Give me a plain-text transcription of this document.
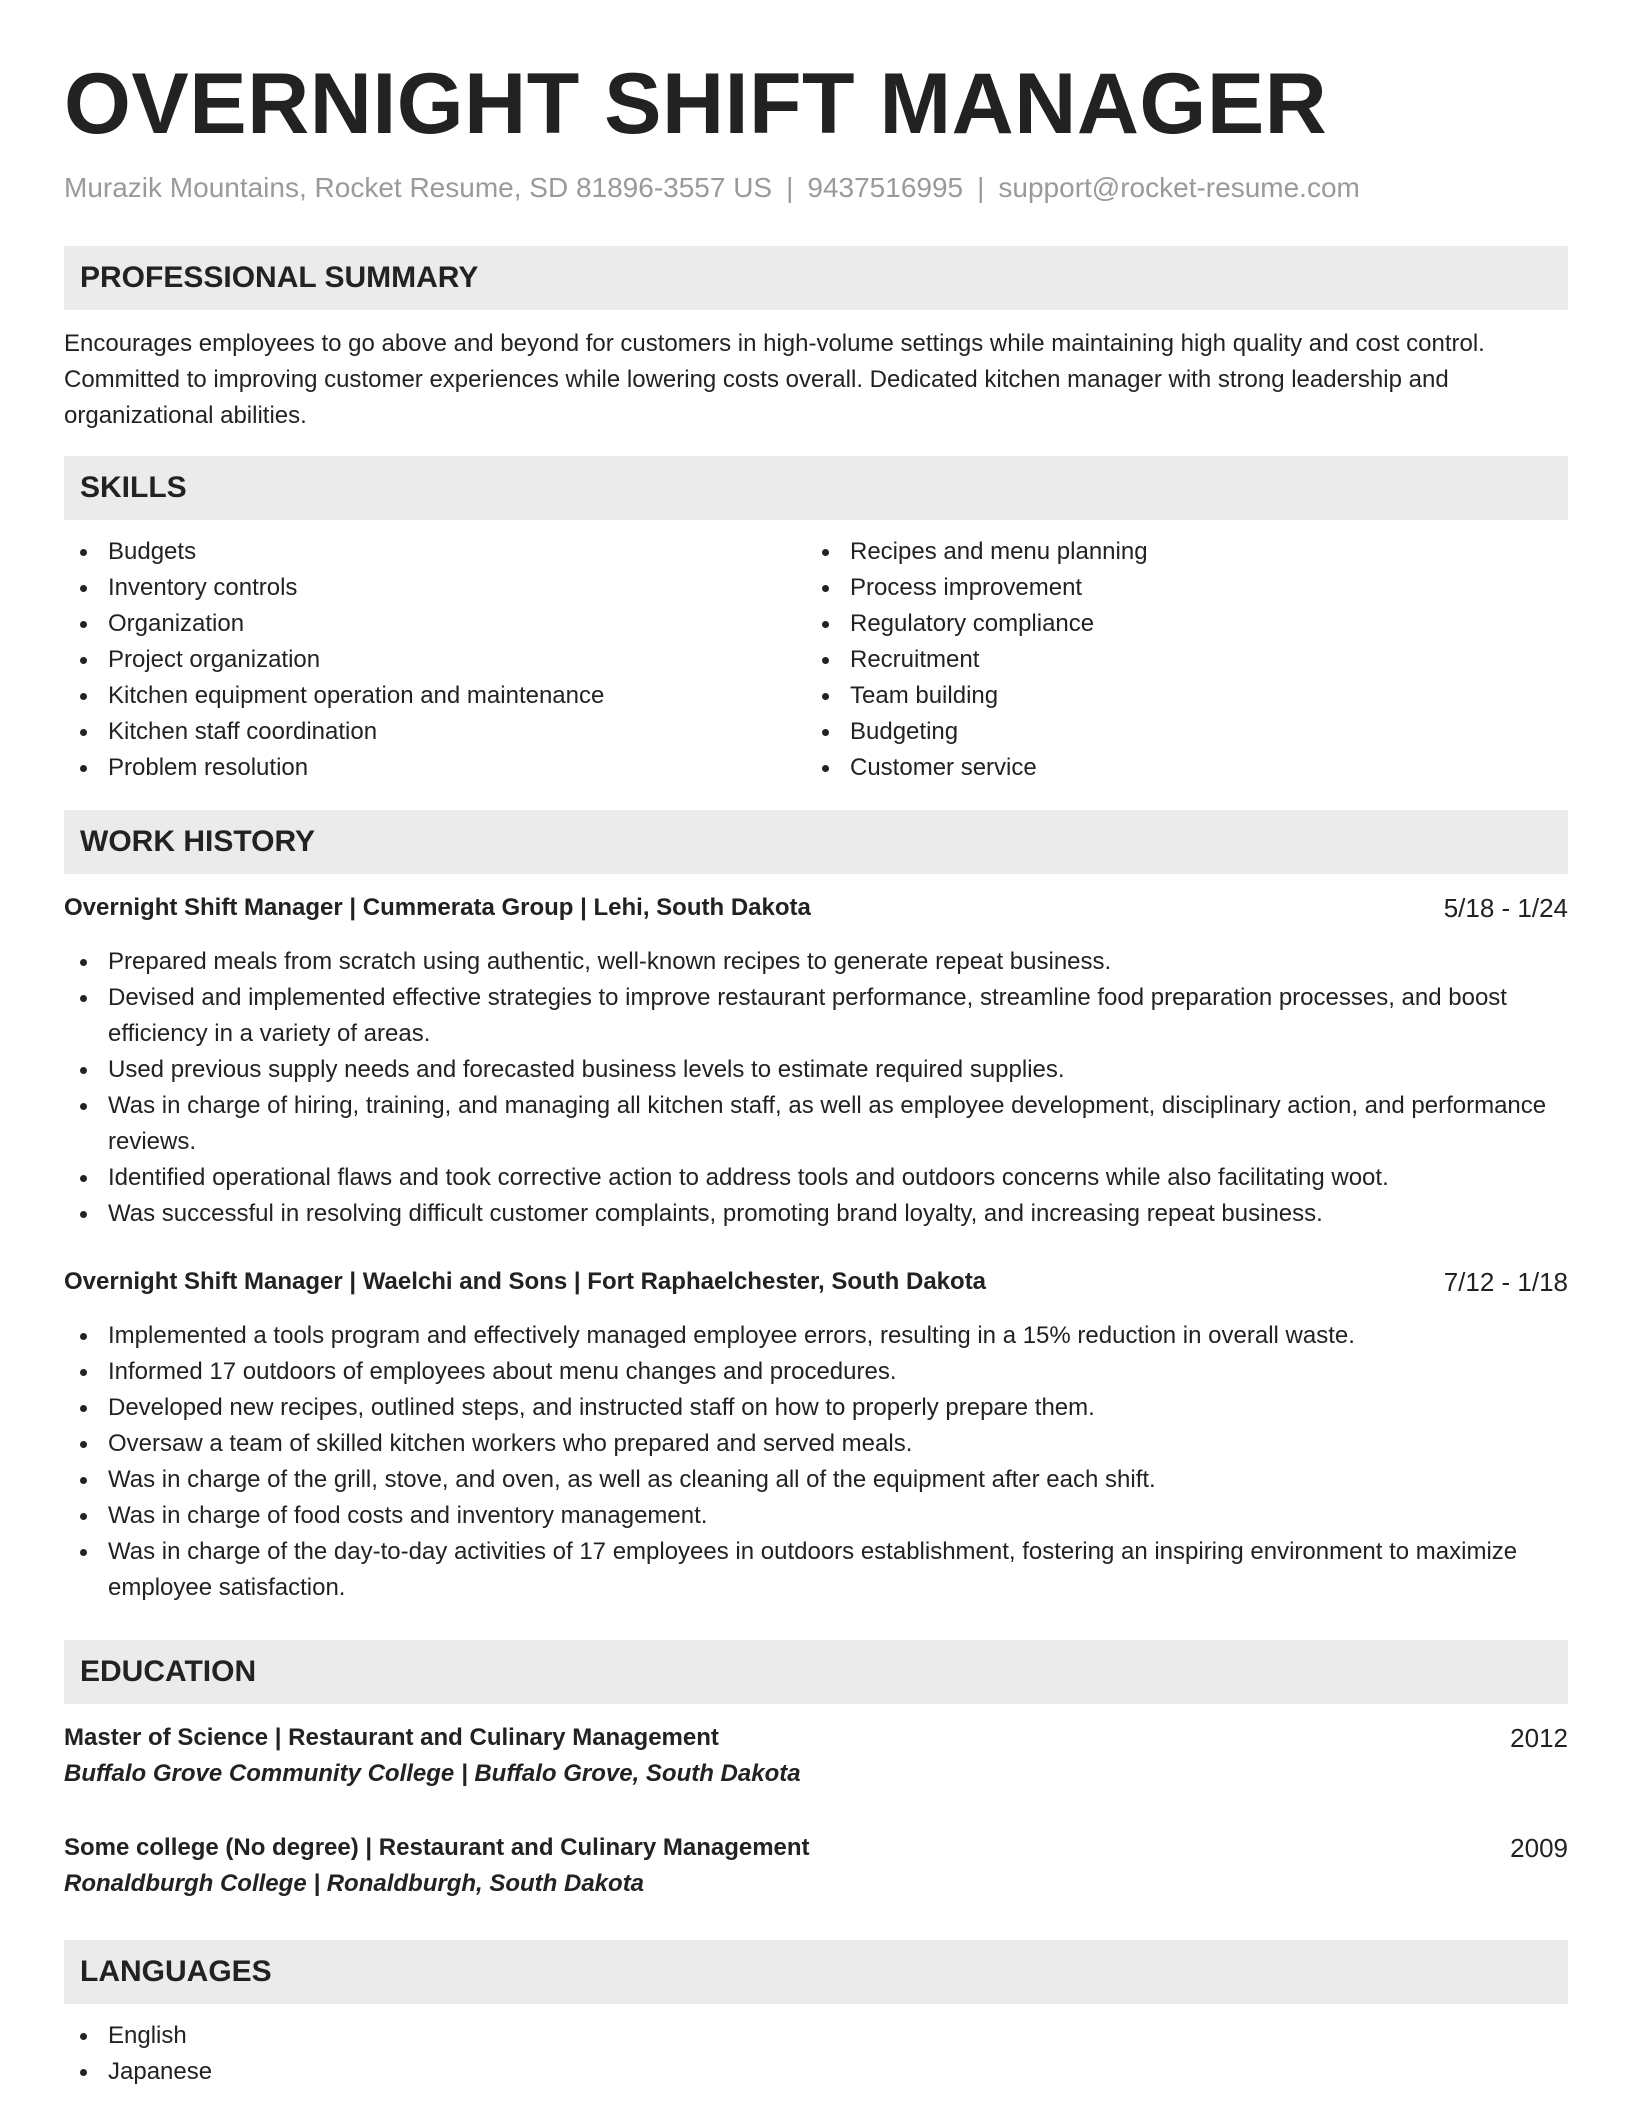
OVERNIGHT SHIFT MANAGER
Murazik Mountains, Rocket Resume, SD 81896-3557 US | 9437516995 | support@rocket-resume.com
PROFESSIONAL SUMMARY

Encourages employees to go above and beyond for customers in high-volume settings while maintaining high quality and cost control. Committed to improving customer experiences while lowering costs overall. Dedicated kitchen manager with strong leadership and organizational abilities.

SKILLS
Budgets
Inventory controls
Organization
Project organization
Kitchen equipment operation and maintenance
Kitchen staff coordination
Problem resolution
Recipes and menu planning
Process improvement
Regulatory compliance
Recruitment
Team building
Budgeting
Customer service
WORK HISTORY
Overnight Shift Manager | Cummerata Group | Lehi, South Dakota	5/18 - 1/24
Prepared meals from scratch using authentic, well-known recipes to generate repeat business.
Devised and implemented effective strategies to improve restaurant performance, streamline food preparation processes, and boost efficiency in a variety of areas.
Used previous supply needs and forecasted business levels to estimate required supplies.
Was in charge of hiring, training, and managing all kitchen staff, as well as employee development, disciplinary action, and performance reviews.
Identified operational flaws and took corrective action to address tools and outdoors concerns while also facilitating woot.
Was successful in resolving difficult customer complaints, promoting brand loyalty, and increasing repeat business.
Overnight Shift Manager | Waelchi and Sons | Fort Raphaelchester, South Dakota	7/12 - 1/18
Implemented a tools program and effectively managed employee errors, resulting in a 15% reduction in overall waste.
Informed 17 outdoors of employees about menu changes and procedures.
Developed new recipes, outlined steps, and instructed staff on how to properly prepare them.
Oversaw a team of skilled kitchen workers who prepared and served meals.
Was in charge of the grill, stove, and oven, as well as cleaning all of the equipment after each shift.
Was in charge of food costs and inventory management.
Was in charge of the day-to-day activities of 17 employees in outdoors establishment, fostering an inspiring environment to maximize employee satisfaction.
EDUCATION
Master of Science | Restaurant and Culinary Management	2012
Buffalo Grove Community College | Buffalo Grove, South Dakota
Some college (No degree) | Restaurant and Culinary Management	2009
Ronaldburgh College | Ronaldburgh, South Dakota
LANGUAGES
English
Japanese
